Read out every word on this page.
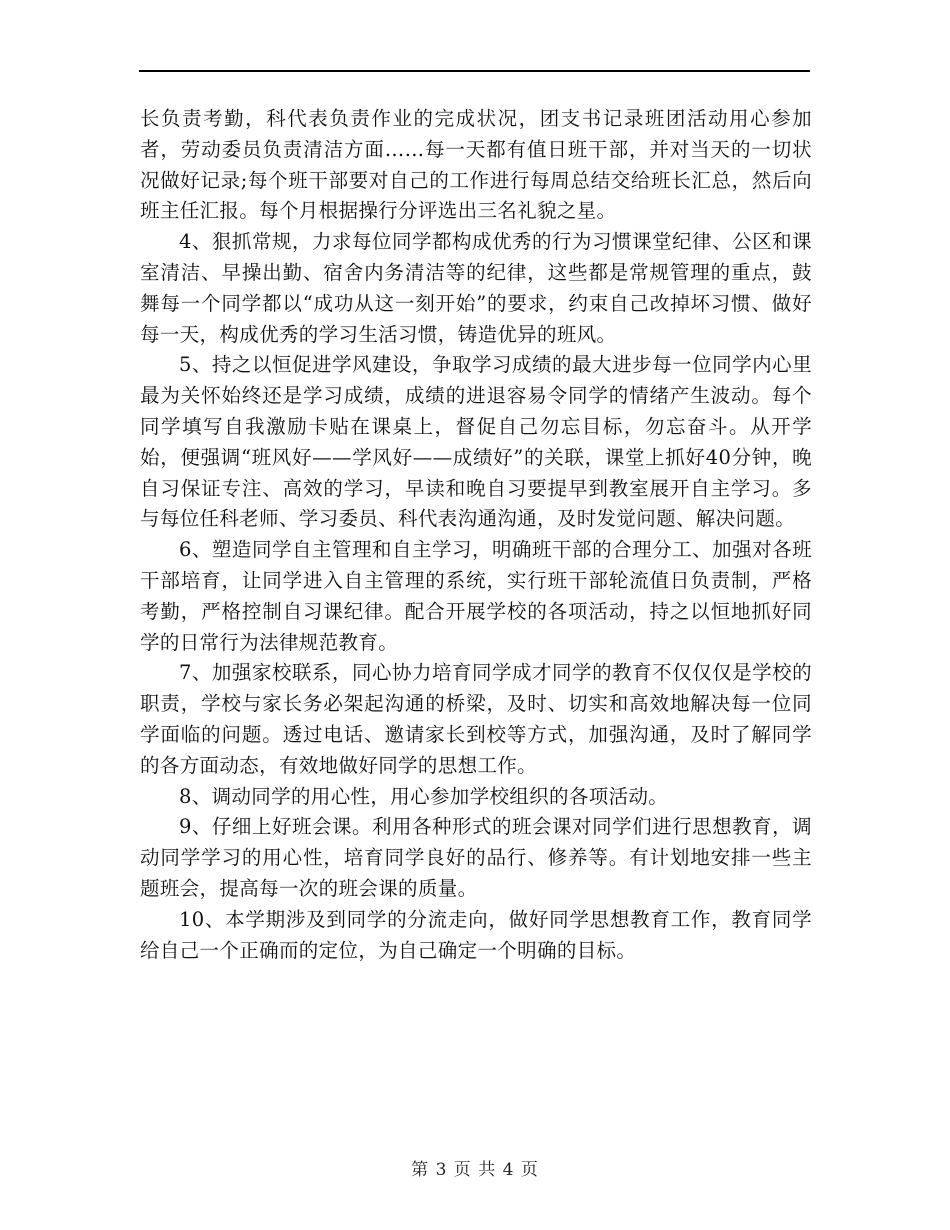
长负责考勤，科代表负责作业的完成状况，团支书记录班团活动用心参加者，劳动委员负责清洁方面……每一天都有值日班干部，并对当天的一切状况做好记录;每个班干部要对自己的工作进行每周总结交给班长汇总，然后向班主任汇报。每个月根据操行分评选出三名礼貌之星。

4、狠抓常规，力求每位同学都构成优秀的行为习惯课堂纪律、公区和课室清洁、早操出勤、宿舍内务清洁等的纪律，这些都是常规管理的重点，鼓舞每一个同学都以“成功从这一刻开始”的要求，约束自己改掉坏习惯、做好每一天，构成优秀的学习生活习惯，铸造优异的班风。

5、持之以恒促进学风建设，争取学习成绩的最大进步每一位同学内心里最为关怀始终还是学习成绩，成绩的进退容易令同学的情绪产生波动。每个同学填写自我激励卡贴在课桌上，督促自己勿忘目标，勿忘奋斗。从开学始，便强调“班风好——学风好——成绩好”的关联，课堂上抓好40分钟，晚自习保证专注、高效的学习，早读和晚自习要提早到教室展开自主学习。多与每位任科老师、学习委员、科代表沟通沟通，及时发觉问题、解决问题。

6、塑造同学自主管理和自主学习，明确班干部的合理分工、加强对各班干部培育，让同学进入自主管理的系统，实行班干部轮流值日负责制，严格考勤，严格控制自习课纪律。配合开展学校的各项活动，持之以恒地抓好同学的日常行为法律规范教育。

7、加强家校联系，同心协力培育同学成才同学的教育不仅仅仅是学校的职责，学校与家长务必架起沟通的桥梁，及时、切实和高效地解决每一位同学面临的问题。透过电话、邀请家长到校等方式，加强沟通，及时了解同学的各方面动态，有效地做好同学的思想工作。

8、调动同学的用心性，用心参加学校组织的各项活动。

9、仔细上好班会课。利用各种形式的班会课对同学们进行思想教育，调动同学学习的用心性，培育同学良好的品行、修养等。有计划地安排一些主题班会，提高每一次的班会课的质量。

10、本学期涉及到同学的分流走向，做好同学思想教育工作，教育同学给自己一个正确而的定位，为自己确定一个明确的目标。

第 3 页 共 4 页
